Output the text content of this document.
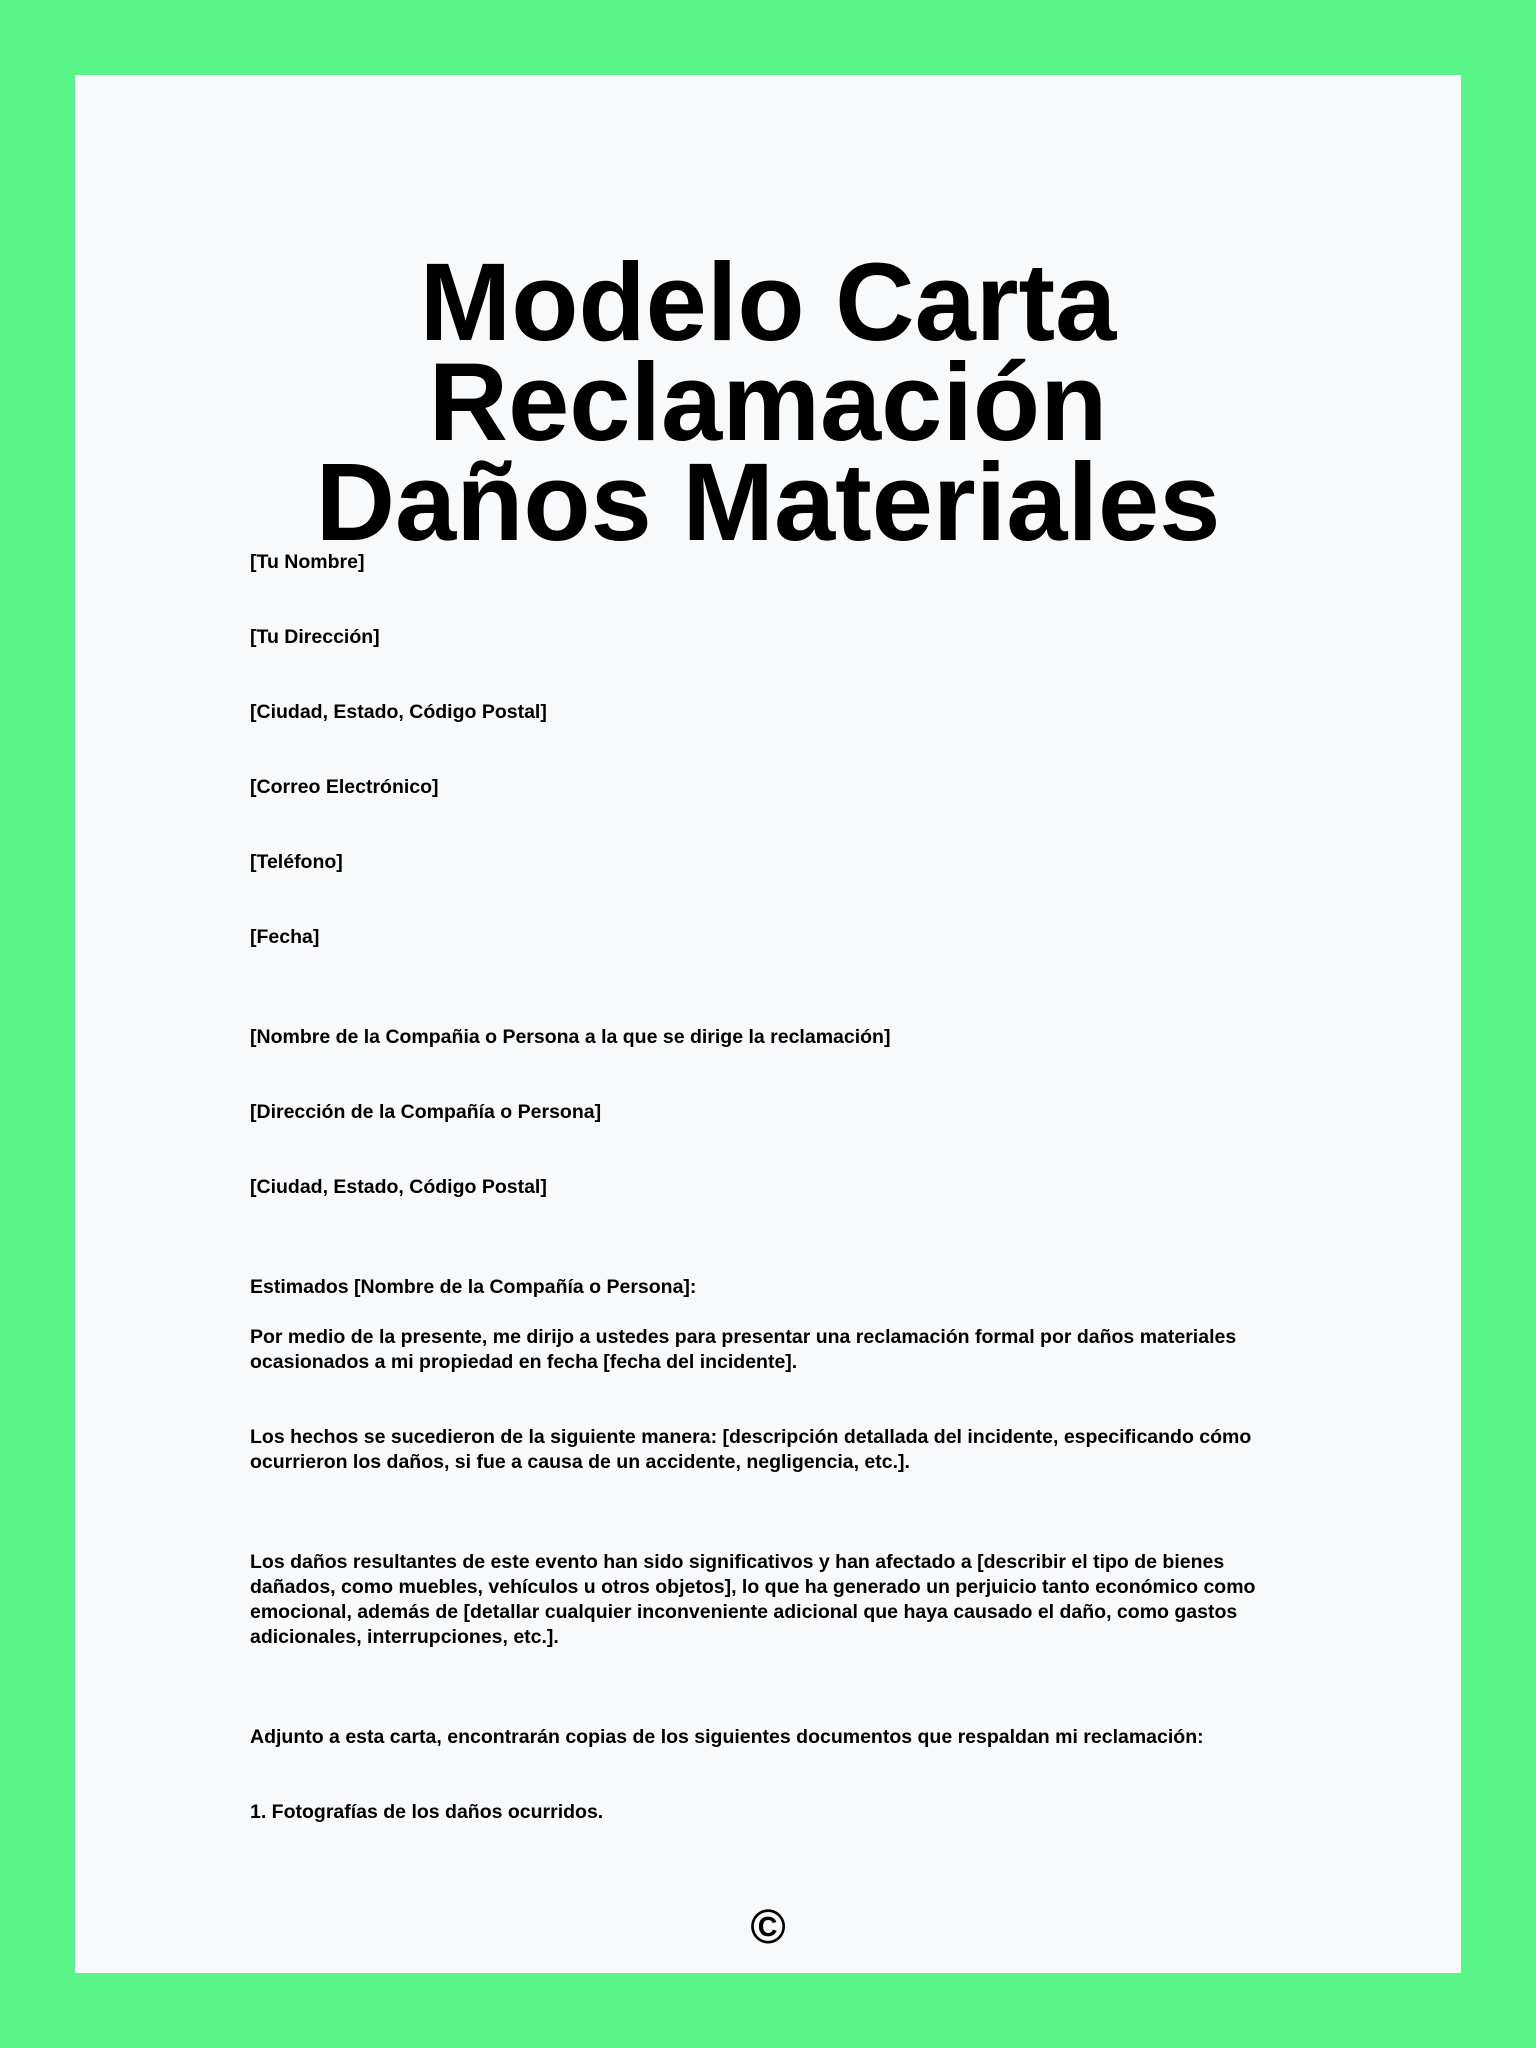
Modelo Carta Reclamación
Daños Materiales

[Tu Nombre]

[Tu Dirección]

[Ciudad, Estado, Código Postal]

[Correo Electrónico]

[Teléfono]

[Fecha]

[Nombre de la Compañia o Persona a la que se dirige la reclamación]

[Dirección de la Compañía o Persona]

[Ciudad, Estado, Código Postal]

Estimados [Nombre de la Compañía o Persona]:

Por medio de la presente, me dirijo a ustedes para presentar una reclamación formal por daños materiales ocasionados a mi propiedad en fecha [fecha del incidente].

Los hechos se sucedieron de la siguiente manera: [descripción detallada del incidente, especificando cómo ocurrieron los daños, si fue a causa de un accidente, negligencia, etc.].

Los daños resultantes de este evento han sido significativos y han afectado a [describir el tipo de bienes dañados, como muebles, vehículos u otros objetos], lo que ha generado un perjuicio tanto económico como emocional, además de [detallar cualquier inconveniente adicional que haya causado el daño, como gastos adicionales, interrupciones, etc.].

Adjunto a esta carta, encontrarán copias de los siguientes documentos que respaldan mi reclamación:

1. Fotografías de los daños ocurridos.

©
